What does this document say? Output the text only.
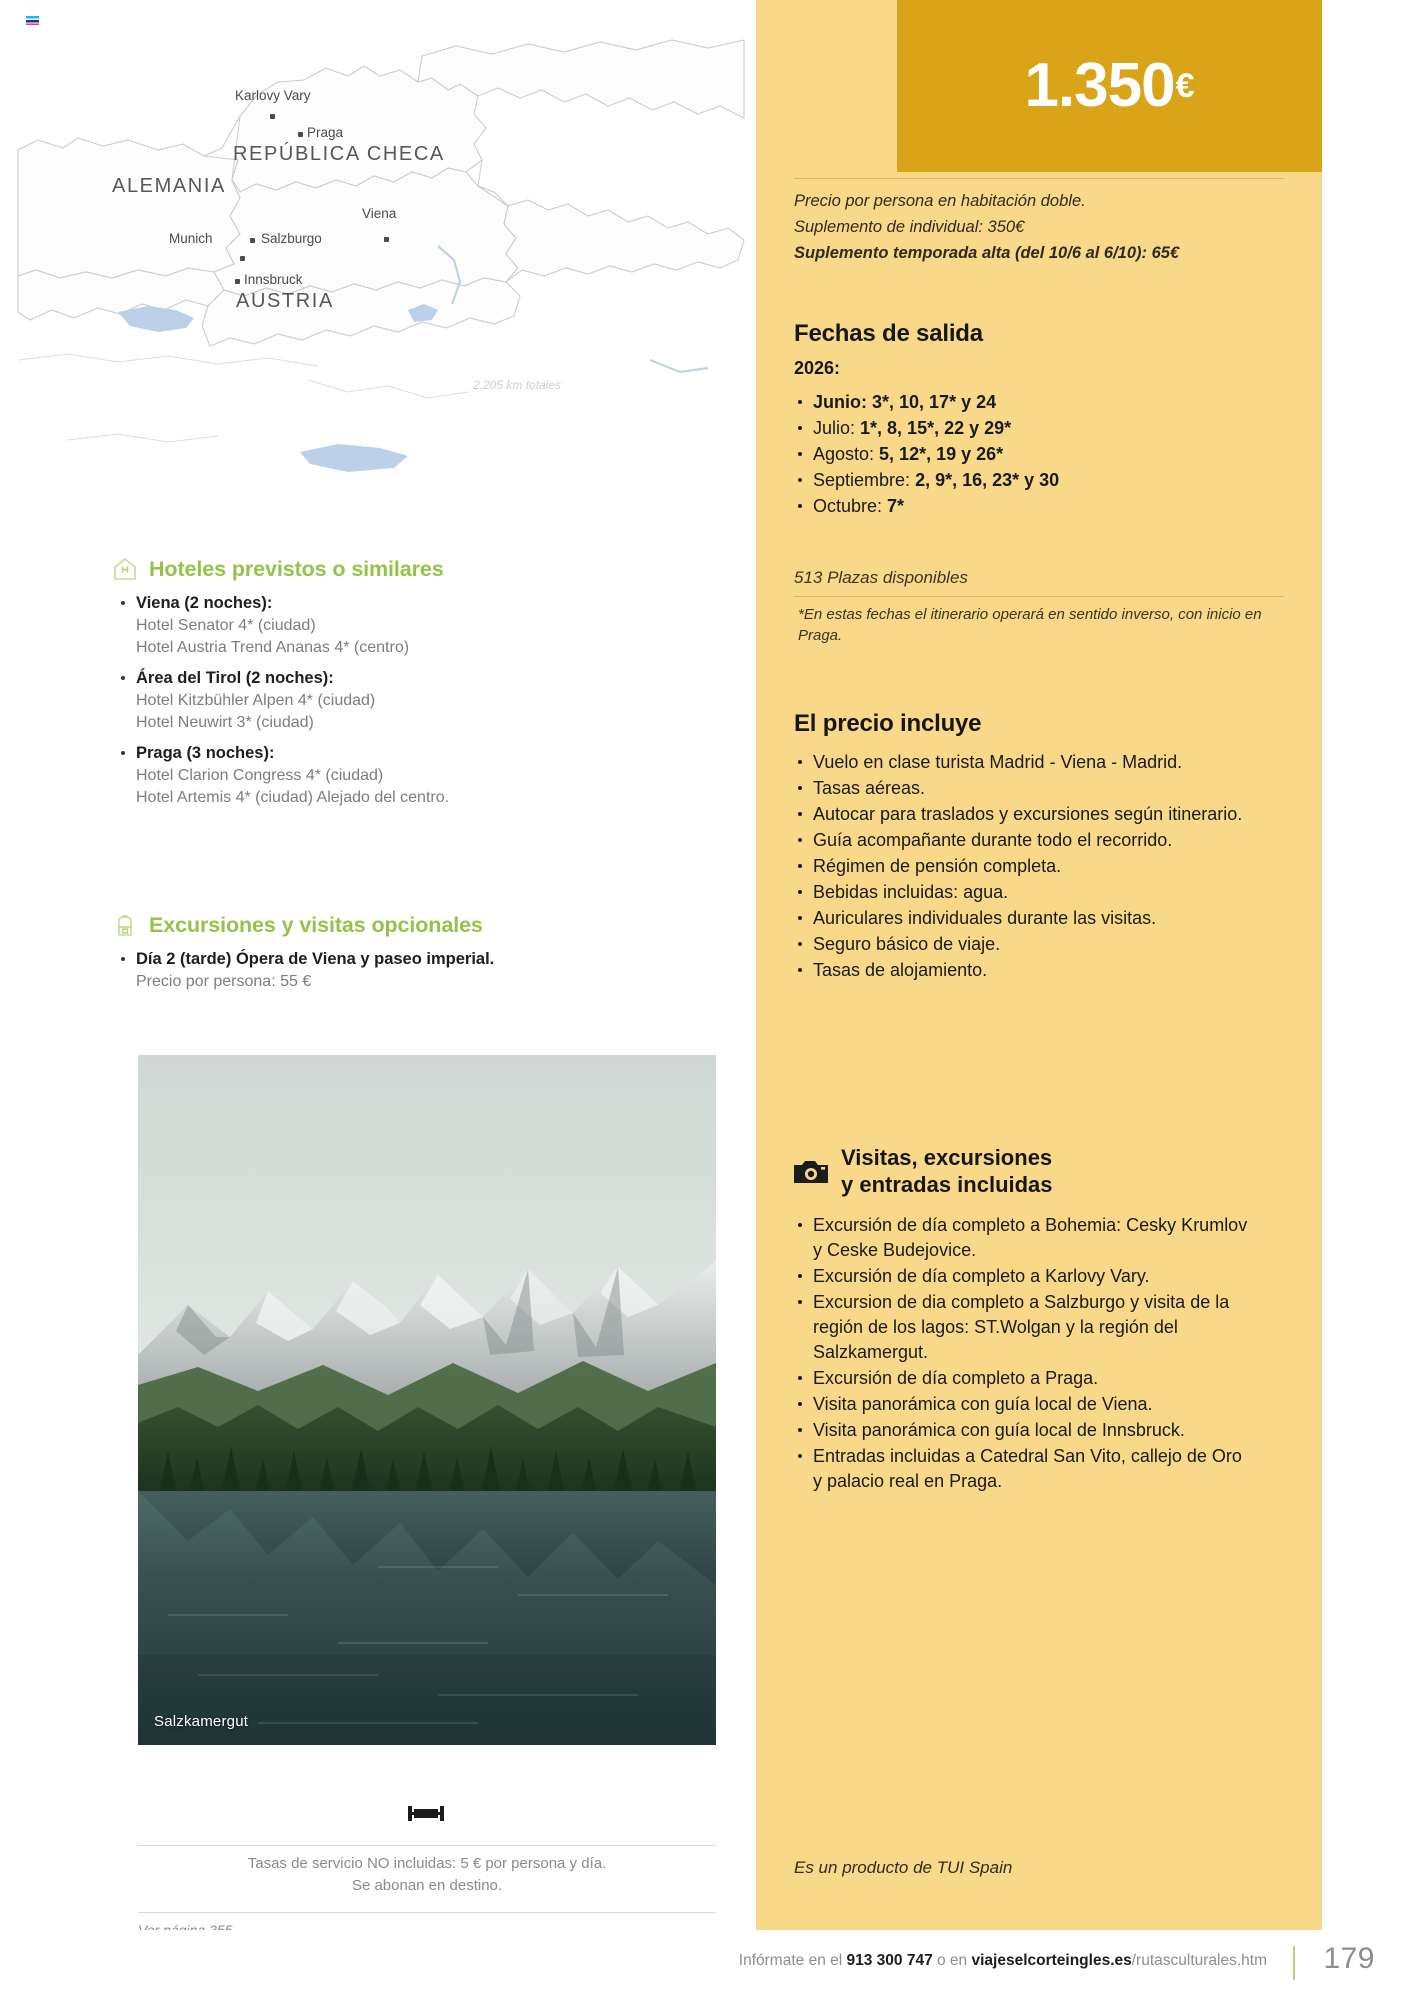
Karlovy Vary
Praga
REPÚBLICA CHECA
ALEMANIA
Viena
Munich	Salzburgo
Innsbruck
AUSTRIA
2.205 km totales
Hoteles previstos o similares
Viena (2 noches):
Hotel Senator 4* (ciudad)
Hotel Austria Trend Ananas 4* (centro)
Área del Tirol (2 noches):
Hotel Kitzbühler Alpen 4* (ciudad)
Hotel Neuwirt 3* (ciudad)
Praga (3 noches):
Hotel Clarion Congress 4* (ciudad)
Hotel Artemis 4* (ciudad) Alejado del centro.
Excursiones y visitas opcionales
Día 2 (tarde) Ópera de Viena y paseo imperial.
Precio por persona: 55 €
Salzkamergut
Tasas de servicio NO incluidas: 5 € por persona y día.
Se abonan en destino.
1.350 €
Precio por persona en habitación doble.
Suplemento de individual: 350€
Suplemento temporada alta (del 10/6 al 6/10): 65€
Fechas de salida
2026:
Junio: 3*, 10, 17* y 24
Julio: 1*, 8, 15*, 22 y 29*
Agosto: 5, 12*, 19 y 26*
Septiembre: 2, 9*, 16, 23* y 30
Octubre: 7*
513 Plazas disponibles
*En estas fechas el itinerario operará en sentido inverso, con inicio en Praga.
El precio incluye
Vuelo en clase turista Madrid - Viena - Madrid.
Tasas aéreas.
Autocar para traslados y excursiones según itinerario.
Guía acompañante durante todo el recorrido.
Régimen de pensión completa.
Bebidas incluidas: agua.
Auriculares individuales durante las visitas.
Seguro básico de viaje.
Tasas de alojamiento.
Visitas, excursiones
y entradas incluidas
Excursión de día completo a Bohemia: Cesky Krumlov y Ceske Budejovice.
Excursión de día completo a Karlovy Vary.
Excursion de dia completo a Salzburgo y visita de la región de los lagos: ST.Wolgan y la región del Salzkamergut.
Excursión de día completo a Praga.
Visita panorámica con guía local de Viena.
Visita panorámica con guía local de Innsbruck.
Entradas incluidas a Catedral San Vito, callejo de Oro y palacio real en Praga.
Es un producto de TUI Spain
Infórmate en el 913 300 747 o en viajeselcorteingles.es/rutasculturales.htm 179
